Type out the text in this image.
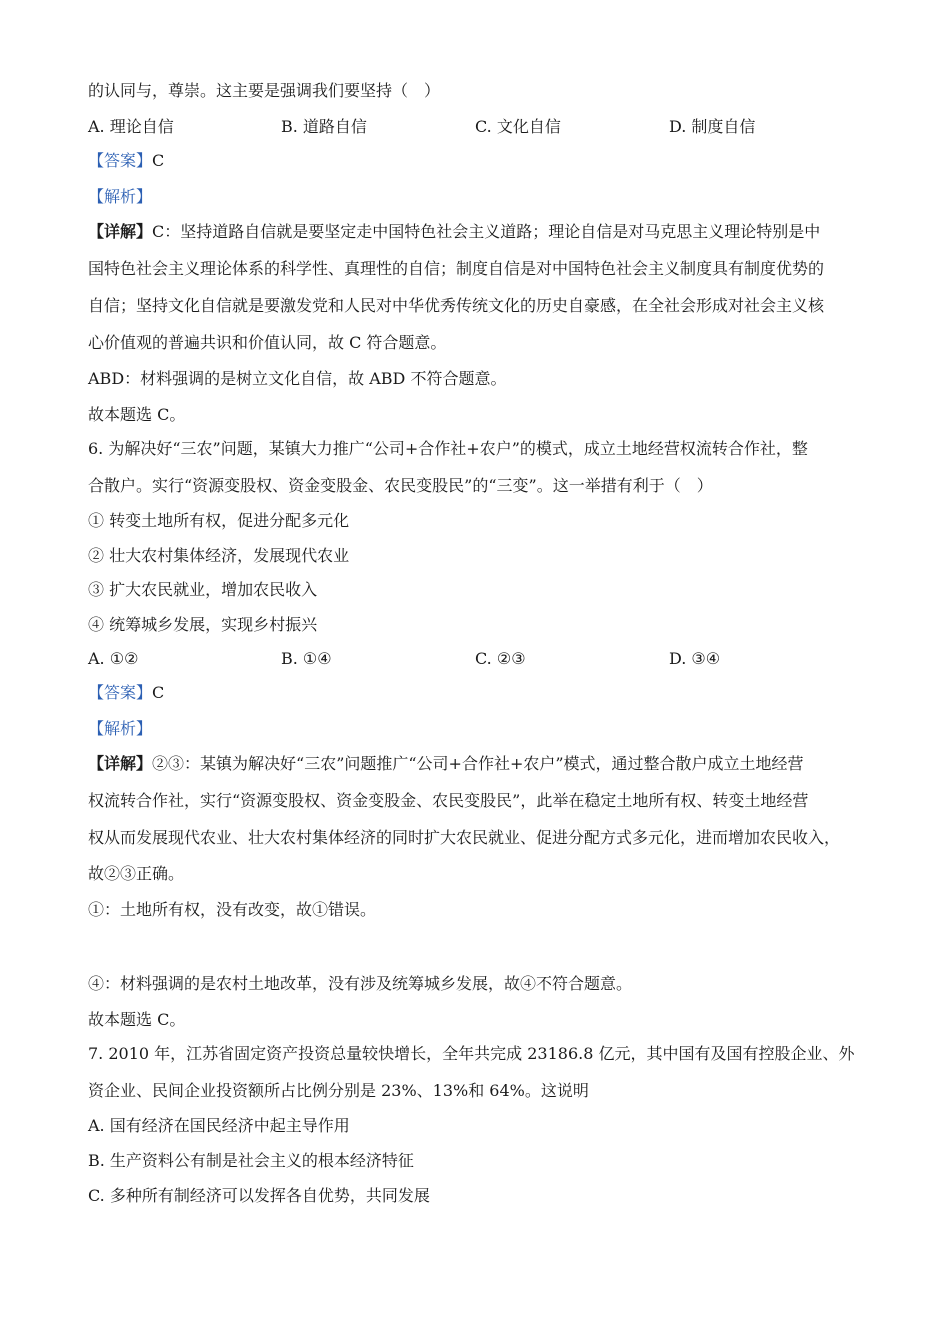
的认同与，尊崇。这主要是强调我们要坚持（　）
A. 理论自信	B. 道路自信	C. 文化自信	D. 制度自信
【答案】C
【解析】
【详解】C：坚持道路自信就是要坚定走中国特色社会主义道路；理论自信是对马克思主义理论特别是中
国特色社会主义理论体系的科学性、真理性的自信；制度自信是对中国特色社会主义制度具有制度优势的
自信；坚持文化自信就是要激发党和人民对中华优秀传统文化的历史自豪感，在全社会形成对社会主义核
心价值观的普遍共识和价值认同，故 C 符合题意。
ABD：材料强调的是树立文化自信，故 ABD 不符合题意。
故本题选 C。
6. 为解决好“三农”问题，某镇大力推广“公司+合作社+农户”的模式，成立土地经营权流转合作社，整
合散户。实行“资源变股权、资金变股金、农民变股民”的“三变”。这一举措有利于（　）
① 转变土地所有权，促进分配多元化
② 壮大农村集体经济，发展现代农业
③ 扩大农民就业，增加农民收入
④ 统筹城乡发展，实现乡村振兴
A. ①②	B. ①④	C. ②③	D. ③④
【答案】C
【解析】
【详解】②③：某镇为解决好“三农”问题推广“公司+合作社+农户”模式，通过整合散户成立土地经营
权流转合作社，实行“资源变股权、资金变股金、农民变股民”，此举在稳定土地所有权、转变土地经营
权从而发展现代农业、壮大农村集体经济的同时扩大农民就业、促进分配方式多元化，进而增加农民收入，
故②③正确。
①：土地所有权，没有改变，故①错误。
④：材料强调的是农村土地改革，没有涉及统筹城乡发展，故④不符合题意。
故本题选 C。
7. 2010 年，江苏省固定资产投资总量较快增长，全年共完成 23186.8 亿元，其中国有及国有控股企业、外
资企业、民间企业投资额所占比例分别是 23%、13%和 64%。这说明
A. 国有经济在国民经济中起主导作用
B. 生产资料公有制是社会主义的根本经济特征
C. 多种所有制经济可以发挥各自优势，共同发展
